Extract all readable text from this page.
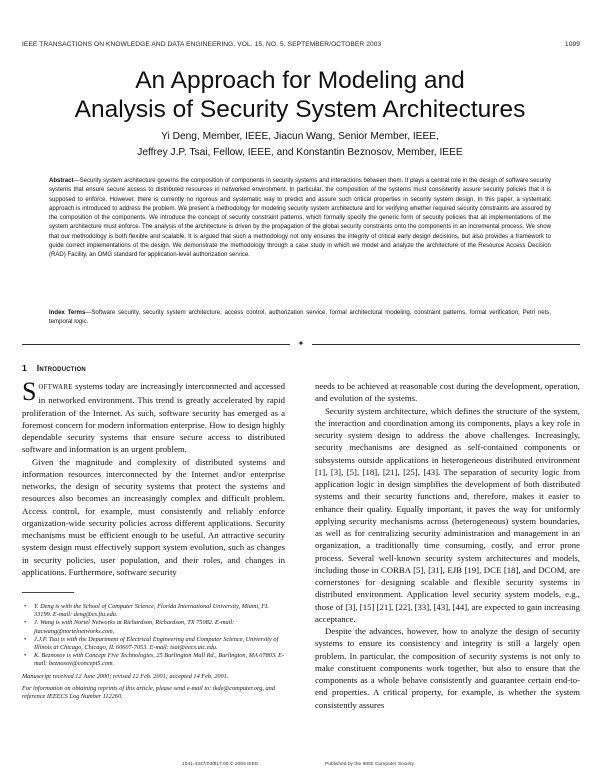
IEEE TRANSACTIONS ON KNOWLEDGE AND DATA ENGINEERING, VOL. 15, NO. 5, SEPTEMBER/OCTOBER 2003	1099
An Approach for Modeling and
Analysis of Security System Architectures
Yi Deng, Member, IEEE, Jiacun Wang, Senior Member, IEEE,
Jeffrey J.P. Tsai, Fellow, IEEE, and Konstantin Beznosov, Member, IEEE

Abstract—Security system architecture governs the composition of components in security systems and interactions between them. It plays a central role in the design of software security systems that ensure secure access to distributed resources in networked environment. In particular, the composition of the systems must consistently assure security policies that it is supposed to enforce. However, there is currently no rigorous and systematic way to predict and assure such critical properties in security system design. In this paper, a systematic approach is introduced to address the problem. We present a methodology for modeling security system architecture and for verifying whether required security constraints are assured by the composition of the components. We introduce the concept of security constraint patterns, which formally specify the generic form of security policies that all implementations of the system architecture must enforce. The analysis of the architecture is driven by the propagation of the global security constraints onto the components in an incremental process. We show that our methodology is both flexible and scalable. It is argued that such a methodology not only ensures the integrity of critical early design decisions, but also provides a framework to guide correct implementations of the design. We demonstrate the methodology through a case study in which we model and analyze the architecture of the Resource Access Decision (RAD) Facility, an OMG standard for application-level authorization service.

Index Terms—Software security, security system architecture, access control, authorization service, formal architectural modeling, constraint patterns, formal verification, Petri nets, temporal logic.

✦
1 Introduction

SOFTWARE systems today are increasingly interconnected and accessed in networked environment. This trend is greatly accelerated by rapid proliferation of the Internet. As such, software security has emerged as a foremost concern for modern information enterprise. How to design highly dependable security systems that ensure secure access to distributed software and information is an urgent problem.

Given the magnitude and complexity of distributed systems and information resources interconnected by the Internet and/or enterprise networks, the design of security systems that protect the systems and resources also becomes an increasingly complex and difficult problem. Access control, for example, must consistently and reliably enforce organization-wide security policies across different applications. Security mechanisms must be efficient enough to be useful. An attractive security system design must effectively support system evolution, such as changes in security policies, user population, and their roles, and changes in applications. Furthermore, software security

needs to be achieved at reasonable cost during the development, operation, and evolution of the systems.

Security system architecture, which defines the structure of the system, the interaction and coordination among its components, plays a key role in security system design to address the above challenges. Increasingly, security mechanisms are designed as self-contained components or subsystems outside applications in heterogeneous distributed environment [1], [3], [5], [18], [21], [25], [43]. The separation of security logic from application logic in design simplifies the development of both distributed systems and their security functions and, therefore, makes it easier to enhance their quality. Equally important, it paves the way for uniformly applying security mechanisms across (heterogeneous) system boundaries, as well as for centralizing security administration and management in an organization, a traditionally time consuming, costly, and error prone process. Several well-known security system architectures and models, including those in CORBA [5], [31], EJB [19], DCE [18], and DCOM, are cornerstones for designing scalable and flexible security systems in distributed environment. Application level security system models, e.g., those of [3], [15] [21], [22], [33], [43], [44], are expected to gain increasing acceptance.

Despite the advances, however, how to analyze the design of security systems to ensure its consistency and integrity is still a largely open problem. In particular, the composition of security systems is not only to make constituent components work together, but also to ensure that the components as a whole behave consistently and guarantee certain end-to-end properties. A critical property, for example, is whether the system consistently assures

• Y. Deng is with the School of Computer Science, Florida International University, Miami, FL 33199. E-mail: deng@cs.fiu.edu.
• J. Wang is with Nortel Networks at Richardson, Richardson, TX 75082. E-mail: jiacwang@nortelnetworks.com.
• J.J.P. Tsai is with the Department of Electrical Engineering and Computer Science, University of Illinois at Chicago, Chicago, IL 60607-7053. E-mail: tsai@eecs.uic.edu.
• K. Beznosov is with Concept Five Technologies, 25 Burlington Mall Rd., Burlington, MA 07803. E-mail: beznosov@concept5.com.
Manuscript received 12 June 2000; revised 12 Feb. 2001; accepted 14 Feb. 2001.
For information on obtaining reprints of this article, please send e-mail to: tkde@computer.org, and reference IEEECS Log Number 112260.
1041-4347/03/$17.00 © 2003 IEEE	Published by the IEEE Computer Society
